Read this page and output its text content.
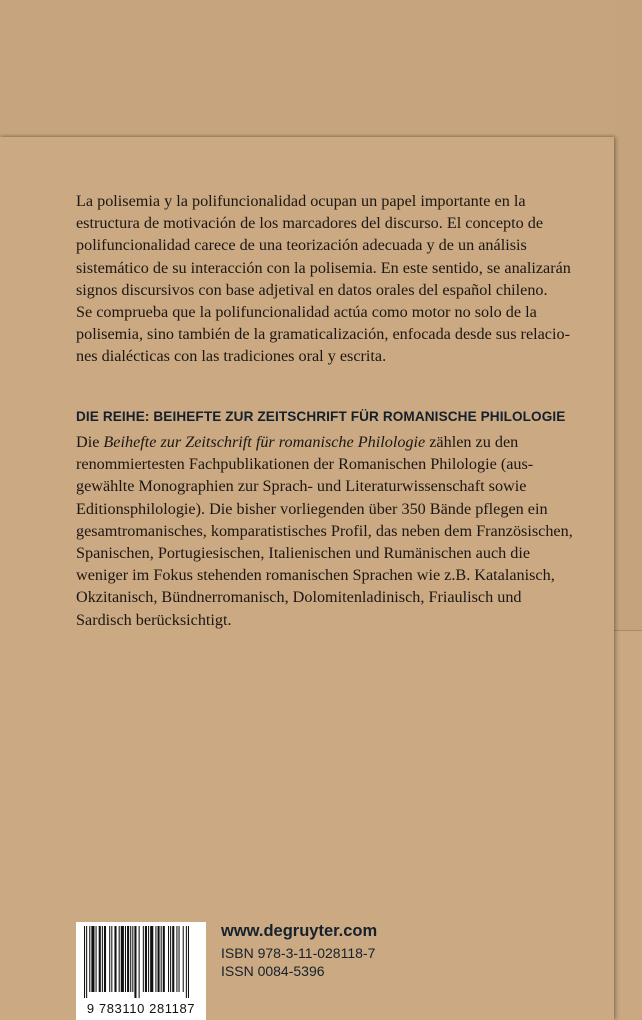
La polisemia y la polifuncionalidad ocupan un papel importante en la
estructura de motivación de los marcadores del discurso. El concepto de
polifuncionalidad carece de una teorización adecuada y de un análisis
sistemático de su interacción con la polisemia. En este sentido, se analizarán
signos discursivos con base adjetival en datos orales del español chileno.
Se comprueba que la polifuncionalidad actúa como motor no solo de la
polisemia, sino también de la gramaticalización, enfocada desde sus relacio-
nes dialécticas con las tradiciones oral y escrita.
DIE REIHE: BEIHEFTE ZUR ZEITSCHRIFT FÜR ROMANISCHE PHILOLOGIE
Die Beihefte zur Zeitschrift für romanische Philologie zählen zu den
renommiertesten Fachpublikationen der Romanischen Philologie (aus-
gewählte Monographien zur Sprach- und Literaturwissenschaft sowie
Editionsphilologie). Die bisher vorliegenden über 350 Bände pflegen ein
gesamtromanisches, komparatistisches Profil, das neben dem Französischen,
Spanischen, Portugiesischen, Italienischen und Rumänischen auch die
weniger im Fokus stehenden romanischen Sprachen wie z.B. Katalanisch,
Okzitanisch, Bündnerromanisch, Dolomitenladinisch, Friaulisch und
Sardisch berücksichtigt.
9 783110 281187
www.degruyter.com
ISBN 978-3-11-028118-7
ISSN 0084-5396
